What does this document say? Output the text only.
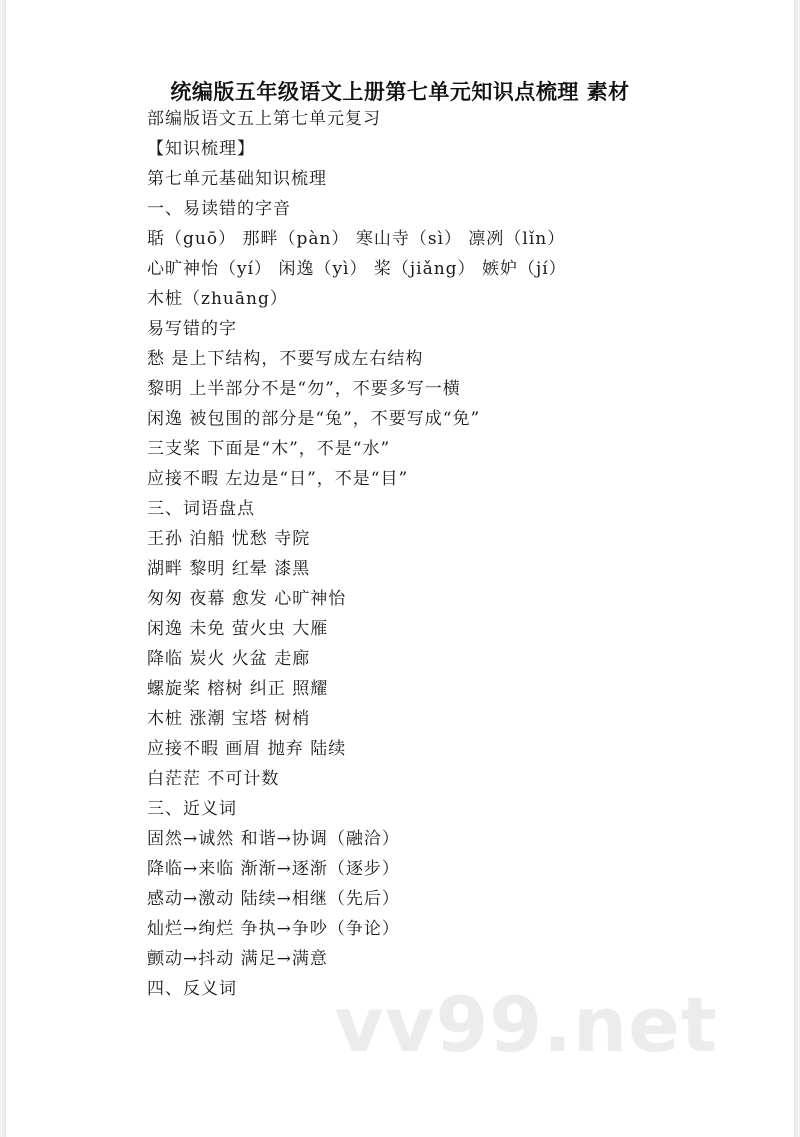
统编版五年级语文上册第七单元知识点梳理 素材
部编版语文五上第七单元复习
【知识梳理】
第七单元基础知识梳理
一、易读错的字音
聒（guō） 那畔（pàn） 寒山寺（sì） 凛冽（lǐn）
心旷神怡（yí） 闲逸（yì） 桨（jiǎng） 嫉妒（jí）
木桩（zhuāng）
易写错的字
愁 是上下结构，不要写成左右结构
黎明 上半部分不是“勿”，不要多写一横
闲逸 被包围的部分是“兔”，不要写成“免”
三支桨 下面是“木”，不是“水”
应接不暇 左边是“日”，不是“目”
三、词语盘点
王孙 泊船 忧愁 寺院
湖畔 黎明 红晕 漆黑
匆匆 夜幕 愈发 心旷神怡
闲逸 未免 萤火虫 大雁
降临 炭火 火盆 走廊
螺旋桨 榕树 纠正 照耀
木桩 涨潮 宝塔 树梢
应接不暇 画眉 抛弃 陆续
白茫茫 不可计数
三、近义词
固然→诚然 和谐→协调（融洽）
降临→来临 渐渐→逐渐（逐步）
感动→激动 陆续→相继（先后）
灿烂→绚烂 争执→争吵（争论）
颤动→抖动 满足→满意
四、反义词	vv99.net
